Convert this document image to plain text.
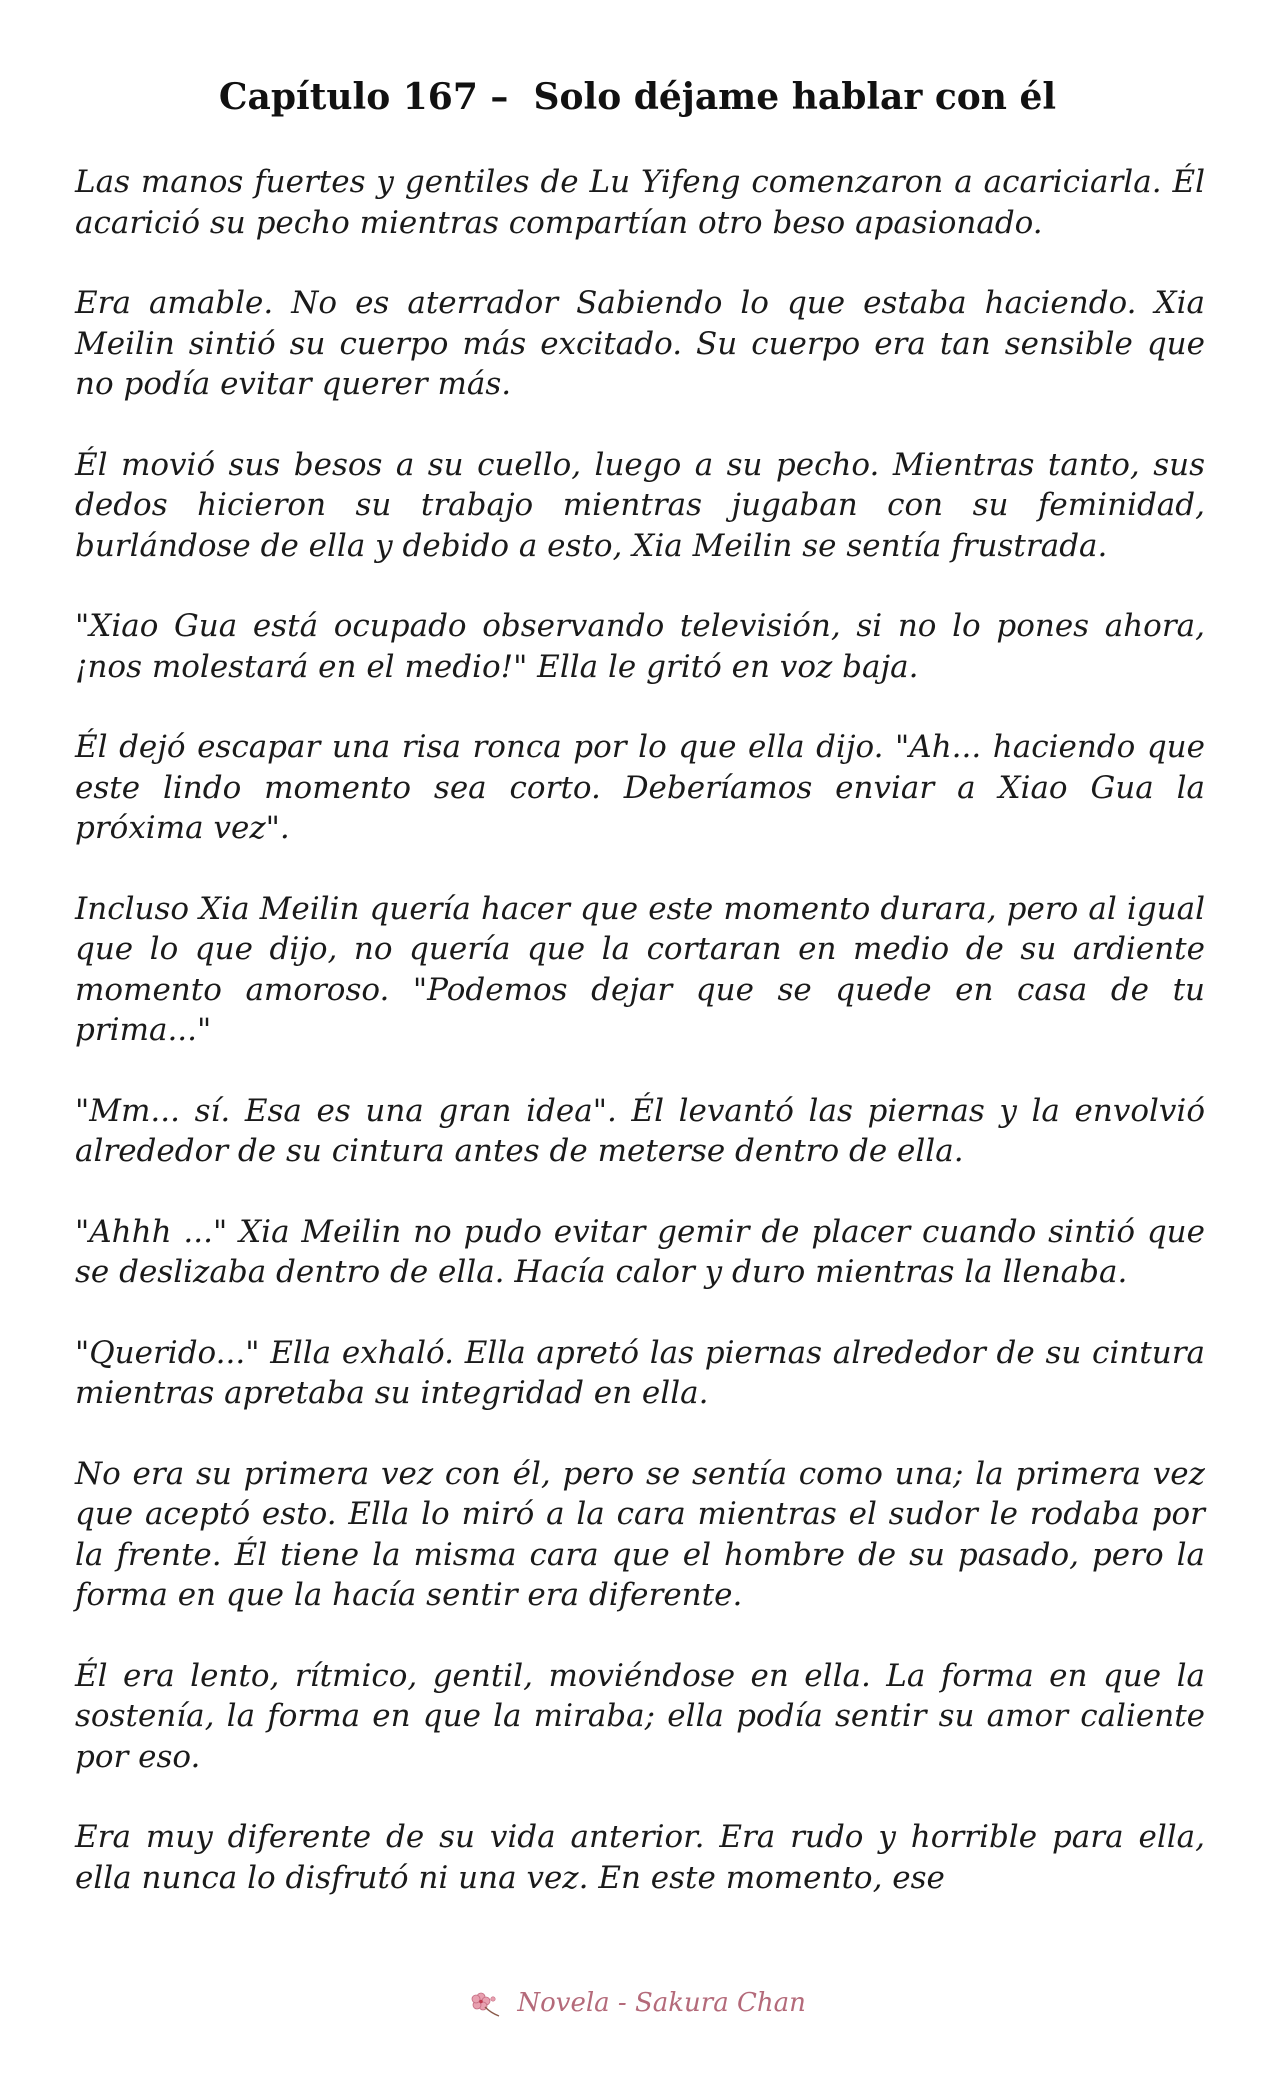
Capítulo 167 –  Solo déjame hablar con él

Las manos fuertes y gentiles de Lu Yifeng comenzaron a acariciarla. Él acarició su pecho mientras compartían otro beso apasionado.

Era amable. No es aterrador Sabiendo lo que estaba haciendo. Xia Meilin sintió su cuerpo más excitado. Su cuerpo era tan sensible que no podía evitar querer más.

Él movió sus besos a su cuello, luego a su pecho. Mientras tanto, sus dedos hicieron su trabajo mientras jugaban con su feminidad, burlándose de ella y debido a esto, Xia Meilin se sentía frustrada.

"Xiao Gua está ocupado observando televisión, si no lo pones ahora, ¡nos molestará en el medio!" Ella le gritó en voz baja.

Él dejó escapar una risa ronca por lo que ella dijo. "Ah... haciendo que este lindo momento sea corto. Deberíamos enviar a Xiao Gua la próxima vez".

Incluso Xia Meilin quería hacer que este momento durara, pero al igual que lo que dijo, no quería que la cortaran en medio de su ardiente momento amoroso. "Podemos dejar que se quede en casa de tu prima..."

"Mm... sí. Esa es una gran idea". Él levantó las piernas y la envolvió alrededor de su cintura antes de meterse dentro de ella.

"Ahhh ..." Xia Meilin no pudo evitar gemir de placer cuando sintió que se deslizaba dentro de ella. Hacía calor y duro mientras la llenaba.

"Querido..." Ella exhaló. Ella apretó las piernas alrededor de su cintura mientras apretaba su integridad en ella.

No era su primera vez con él, pero se sentía como una; la primera vez que aceptó esto. Ella lo miró a la cara mientras el sudor le rodaba por la frente. Él tiene la misma cara que el hombre de su pasado, pero la forma en que la hacía sentir era diferente.

Él era lento, rítmico, gentil, moviéndose en ella. La forma en que la sostenía, la forma en que la miraba; ella podía sentir su amor caliente por eso.

Era muy diferente de su vida anterior. Era rudo y horrible para ella, ella nunca lo disfrutó ni una vez. En este momento, ese

Novela - Sakura Chan
